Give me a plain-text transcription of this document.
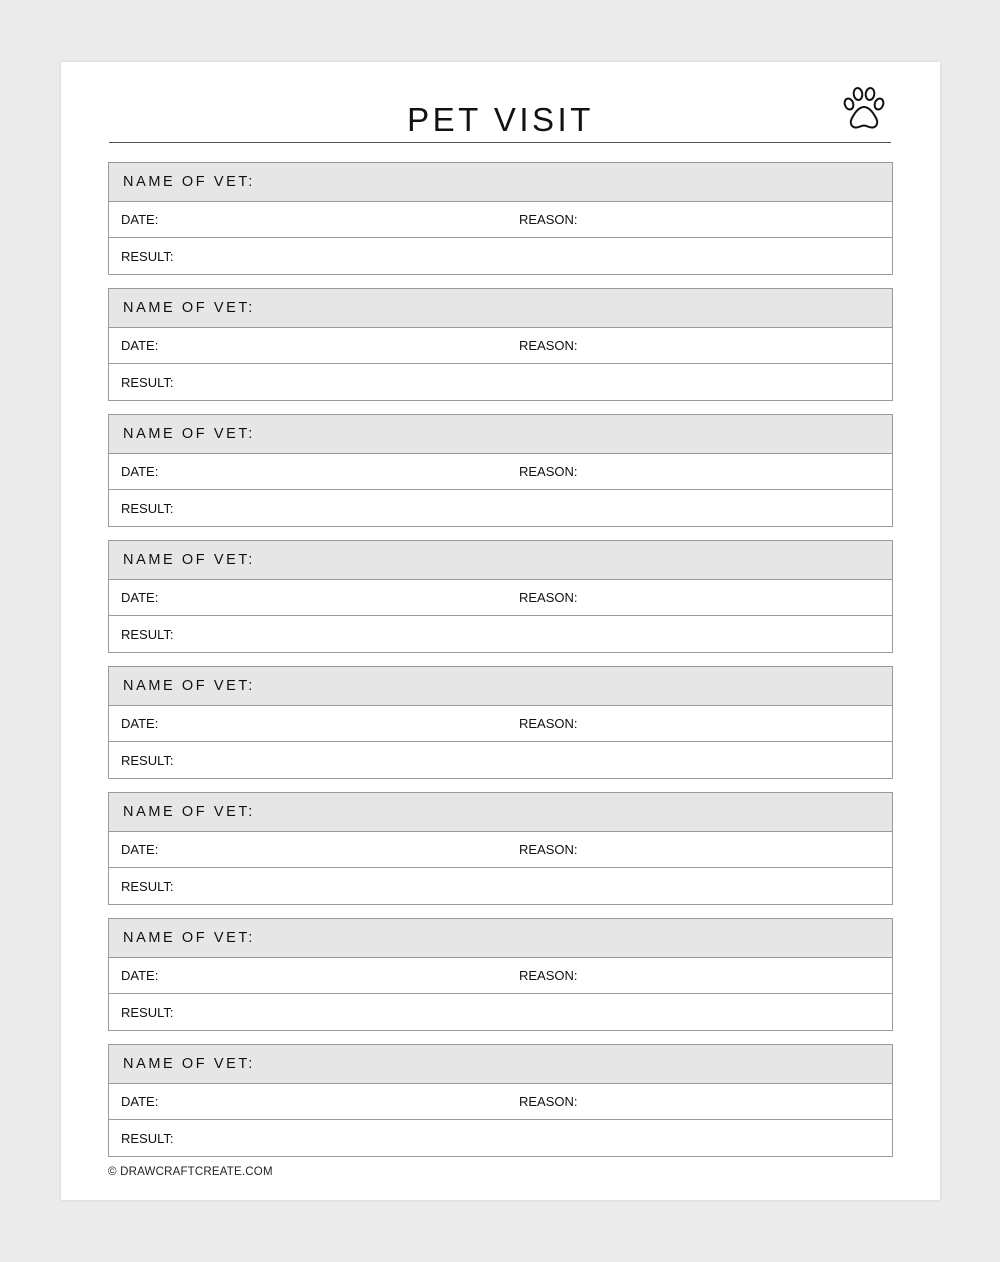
PET VISIT
NAME OF VET:
DATE:	REASON:
RESULT:
NAME OF VET:
DATE:	REASON:
RESULT:
NAME OF VET:
DATE:	REASON:
RESULT:
NAME OF VET:
DATE:	REASON:
RESULT:
NAME OF VET:
DATE:	REASON:
RESULT:
NAME OF VET:
DATE:	REASON:
RESULT:
NAME OF VET:
DATE:	REASON:
RESULT:
NAME OF VET:
DATE:	REASON:
RESULT:
© DRAWCRAFTCREATE.COM
